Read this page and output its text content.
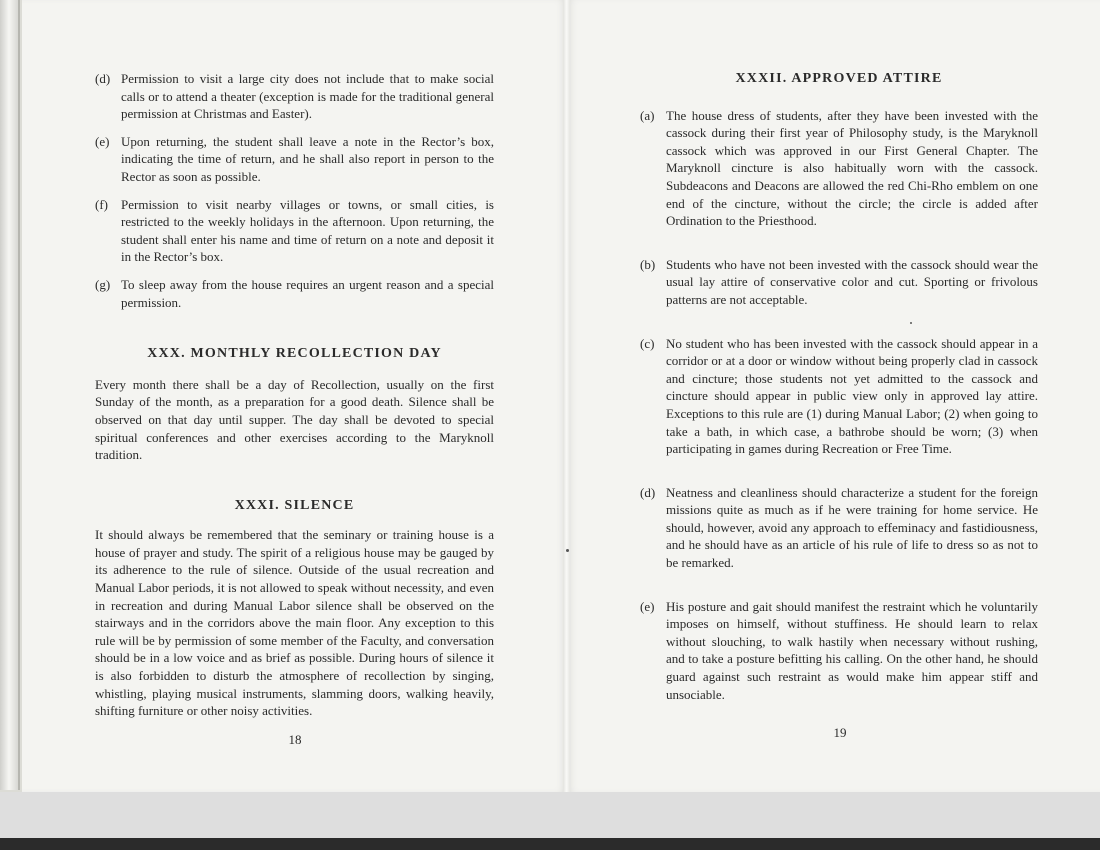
(d) Permission to visit a large city does not include that to make social calls or to attend a theater (exception is made for the traditional general permission at Christmas and Easter).
(e) Upon returning, the student shall leave a note in the Rector’s box, indicating the time of return, and he shall also report in person to the Rector as soon as possible.
(f)	Permission to visit nearby villages or towns, or small cities, is restricted to the weekly holidays in the afternoon. Upon returning, the student shall enter his name and time of return on a note and deposit it in the Rector’s box.
(g) To sleep away from the house requires an urgent reason and a special permission.
XXX. MONTHLY RECOLLECTION DAY

Every month there shall be a day of Recollection, usually on the first Sunday of the month, as a preparation for a good death. Silence shall be observed on that day until supper. The day shall be devoted to special spiritual conferences and other exercises according to the Maryknoll tradition.

XXXI. SILENCE

It should always be remembered that the seminary or training house is a house of prayer and study. The spirit of a religious house may be gauged by its adherence to the rule of silence. Outside of the usual recreation and Manual Labor periods, it is not allowed to speak without necessity, and even in recreation and during Manual Labor silence shall be observed on the stairways and in the corridors above the main floor. Any exception to this rule will be by permission of some member of the Faculty, and conversation should be in a low voice and as brief as possible. During hours of silence it is also forbidden to disturb the atmosphere of recollection by singing, whistling, playing musical instruments, slamming doors, walking heavily, shifting furniture or other noisy activities.

18
XXXII. APPROVED ATTIRE
(a) The house dress of students, after they have been invested with the cassock during their first year of Philosophy study, is the Maryknoll cassock which was approved in our First General Chapter. The Maryknoll cincture is also habitually worn with the cassock. Subdeacons and Deacons are allowed the red Chi-Rho emblem on one end of the cincture, without the circle; the circle is added after Ordination to the Priesthood.
(b) Students who have not been invested with the cassock should wear the usual lay attire of conservative color and cut. Sporting or frivolous patterns are not acceptable.
(c) No student who has been invested with the cassock should appear in a corridor or at a door or window without being properly clad in cassock and cincture; those students not yet admitted to the cassock and cincture should appear in public view only in approved lay attire. Exceptions to this rule are (1) during Manual Labor; (2) when going to take a bath, in which case, a bathrobe should be worn; (3) when participating in games during Recreation or Free Time.
(d) Neatness and cleanliness should characterize a student for the foreign missions quite as much as if he were training for home service. He should, however, avoid any approach to effeminacy and fastidiousness, and he should have as an article of his rule of life to dress so as not to be remarked.
(e) His posture and gait should manifest the restraint which he voluntarily imposes on himself, without stuffiness. He should learn to relax without slouching, to walk hastily when necessary without rushing, and to take a posture befitting his calling. On the other hand, he should guard against such restraint as would make him appear stiff and unsociable.
19
